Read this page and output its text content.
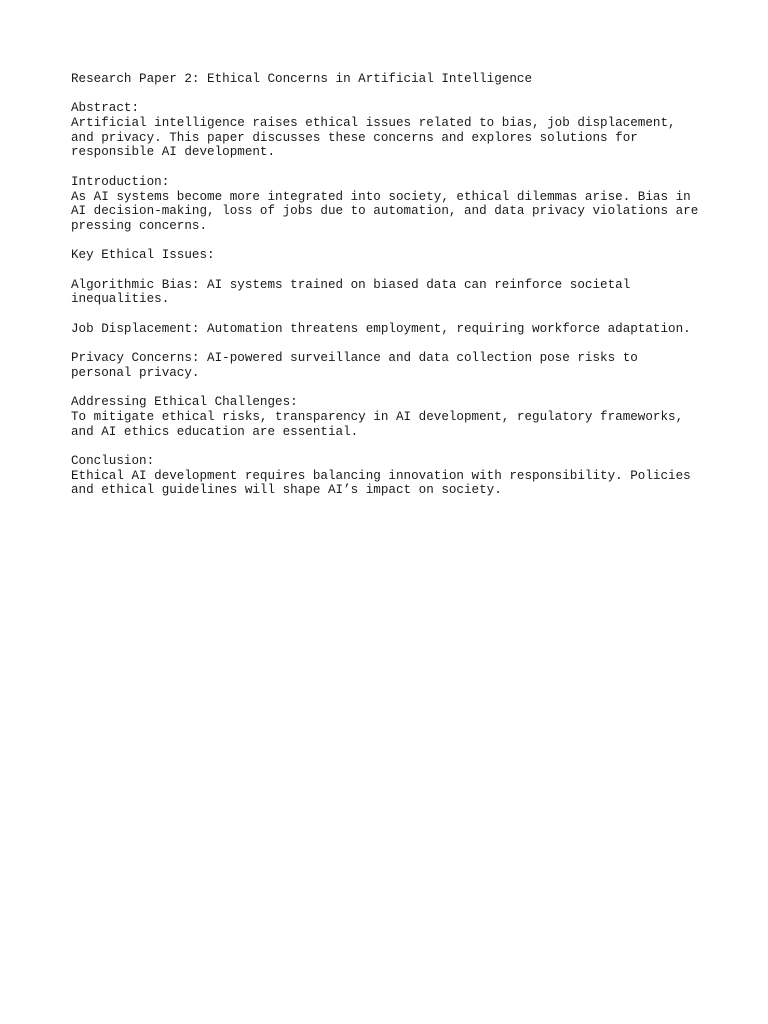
Research Paper 2: Ethical Concerns in Artificial Intelligence
Abstract:
Artificial intelligence raises ethical issues related to bias, job displacement,
and privacy. This paper discusses these concerns and explores solutions for
responsible AI development.
Introduction:
As AI systems become more integrated into society, ethical dilemmas arise. Bias in
AI decision-making, loss of jobs due to automation, and data privacy violations are
pressing concerns.
Key Ethical Issues:
Algorithmic Bias: AI systems trained on biased data can reinforce societal
inequalities.
Job Displacement: Automation threatens employment, requiring workforce adaptation.
Privacy Concerns: AI-powered surveillance and data collection pose risks to
personal privacy.
Addressing Ethical Challenges:
To mitigate ethical risks, transparency in AI development, regulatory frameworks,
and AI ethics education are essential.
Conclusion:
Ethical AI development requires balancing innovation with responsibility. Policies
and ethical guidelines will shape AI’s impact on society.
